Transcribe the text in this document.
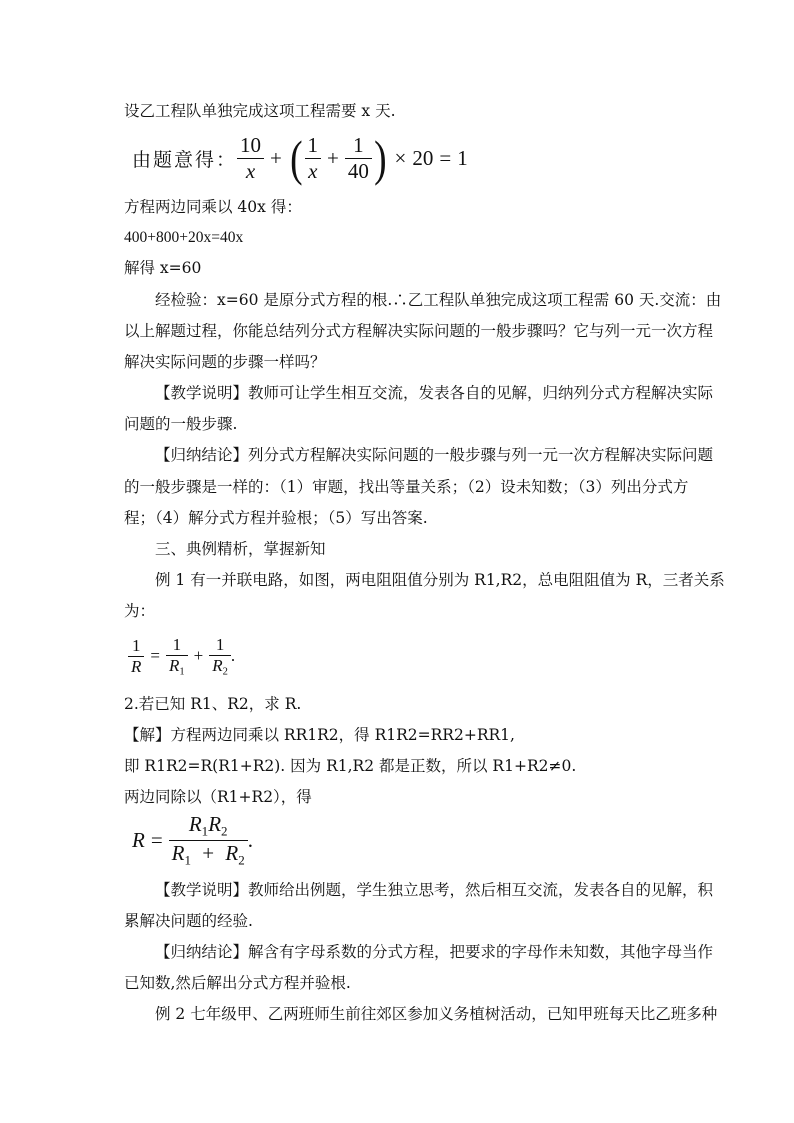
设乙工程队单独完成这项工程需要 x 天.
由题意得： $\frac{10}{x}$ + ( $\frac{1}{x} + \frac{1}{40}$ ) × 20 = 1
方程两边同乘以 40x 得：
400+800+20x=40x
解得 x=60
经检验：x=60 是原分式方程的根.∴乙工程队单独完成这项工程需 60 天.交流：由
以上解题过程，你能总结列分式方程解决实际问题的一般步骤吗？它与列一元一次方程
解决实际问题的步骤一样吗？
【教学说明】教师可让学生相互交流，发表各自的见解，归纳列分式方程解决实际
问题的一般步骤.
【归纳结论】列分式方程解决实际问题的一般步骤与列一元一次方程解决实际问题
的一般步骤是一样的：（1）审题，找出等量关系；（2）设未知数；（3）列出分式方
程；（4）解分式方程并验根；（5）写出答案.
三、典例精析，掌握新知
例 1 有一并联电路，如图，两电阻阻值分别为 R1,R2，总电阻阻值为 R，三者关系
为：
$\frac{1}{R} = \frac{1}{R_1} + \frac{1}{R_2}$ .
2.若已知 R1、R2，求 R.
【解】方程两边同乘以 RR1R2，得 R1R2=RR2+RR1,
即 R1R2=R(R1+R2). 因为 R1,R2 都是正数，所以 R1+R2≠0.
两边同除以（R1+R2），得
$R = \frac{R_1R_2}{R_1 + R_2}$ .
【教学说明】教师给出例题，学生独立思考，然后相互交流，发表各自的见解，积
累解决问题的经验.
【归纳结论】解含有字母系数的分式方程，把要求的字母作未知数，其他字母当作
已知数,然后解出分式方程并验根.
例 2 七年级甲、乙两班师生前往郊区参加义务植树活动，已知甲班每天比乙班多种
